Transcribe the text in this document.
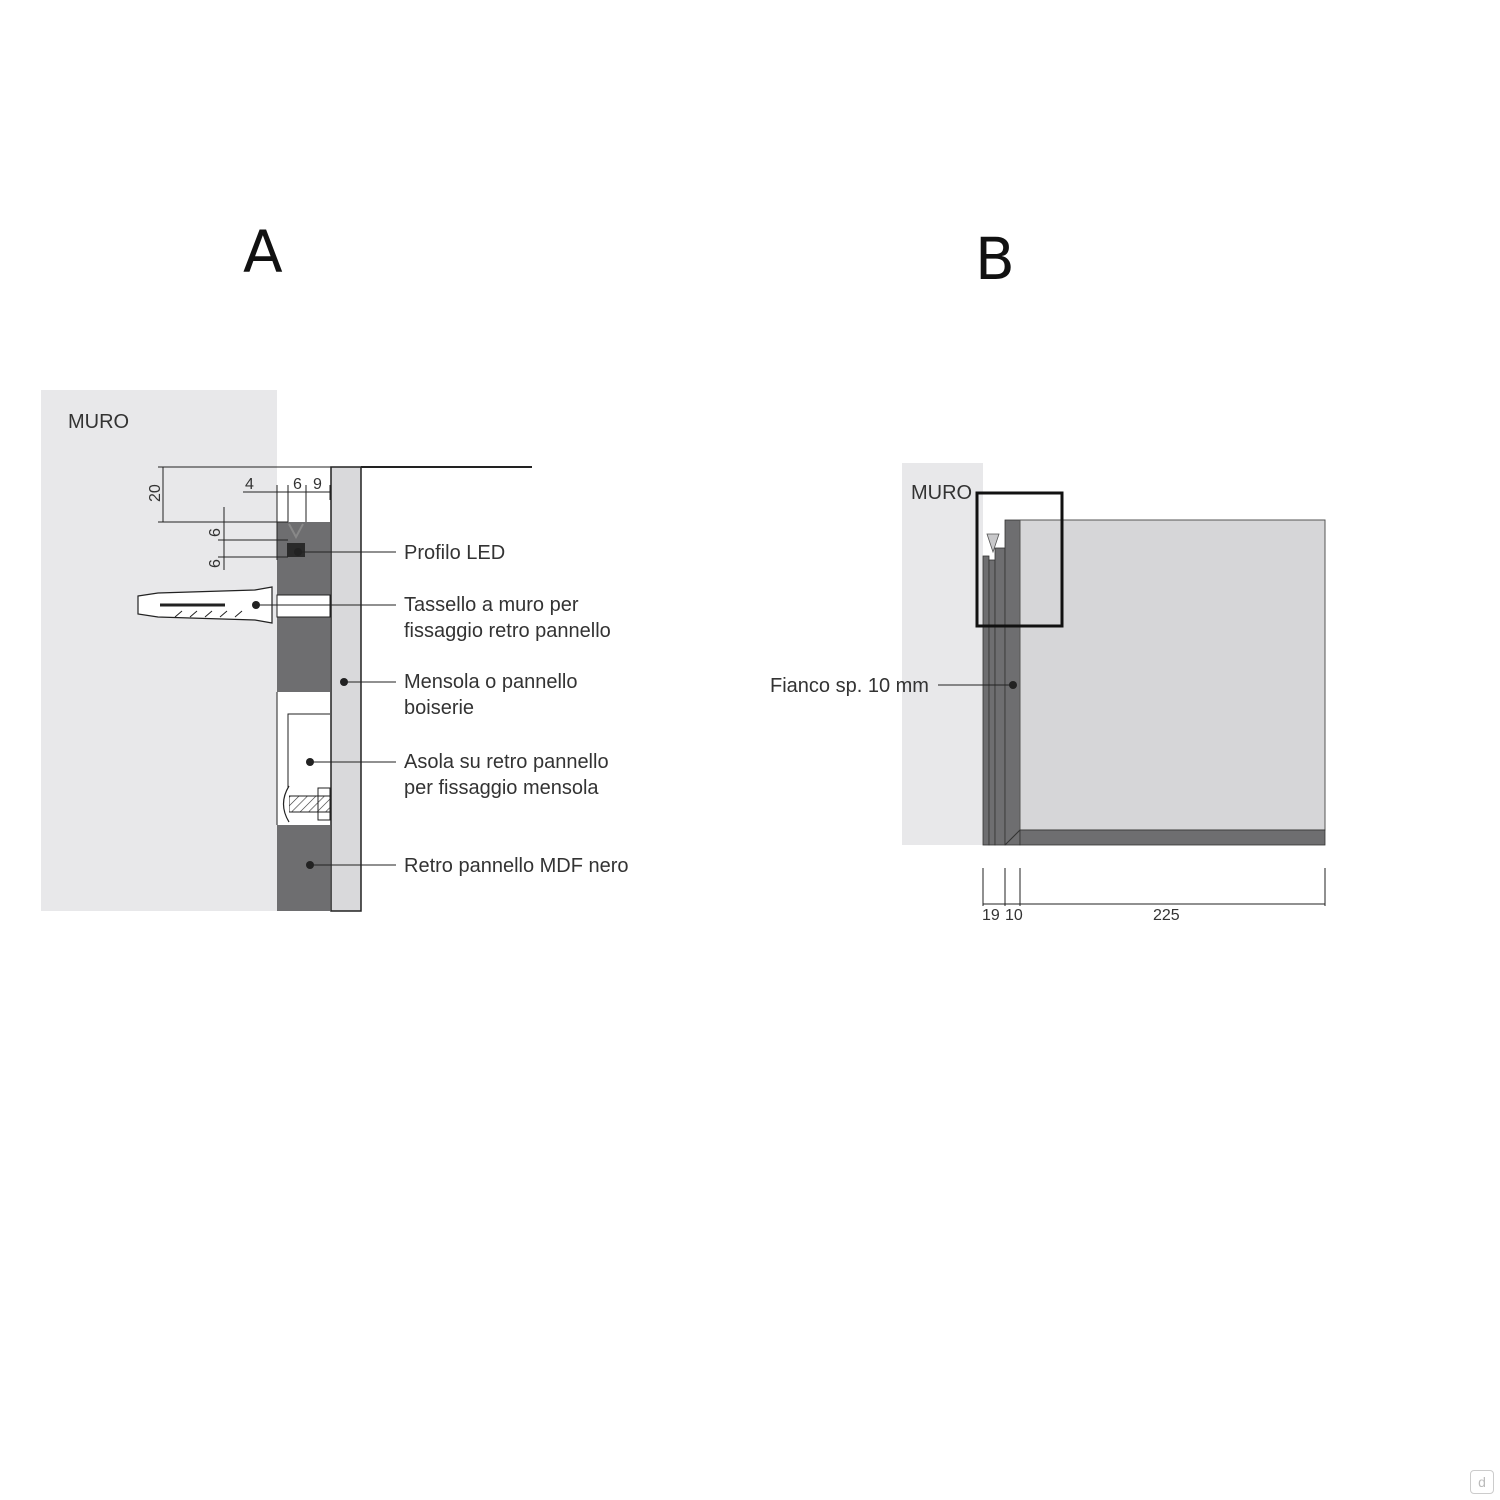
A	B
MURO
20	4 6 9
6
6	Profilo LED
Tassello a muro per
fissaggio retro pannello
Mensola o pannello
boiserie
Asola su retro pannello
per fissaggio mensola
Retro pannello MDF nero
MURO
Fianco sp. 10 mm
19 10	225
d
